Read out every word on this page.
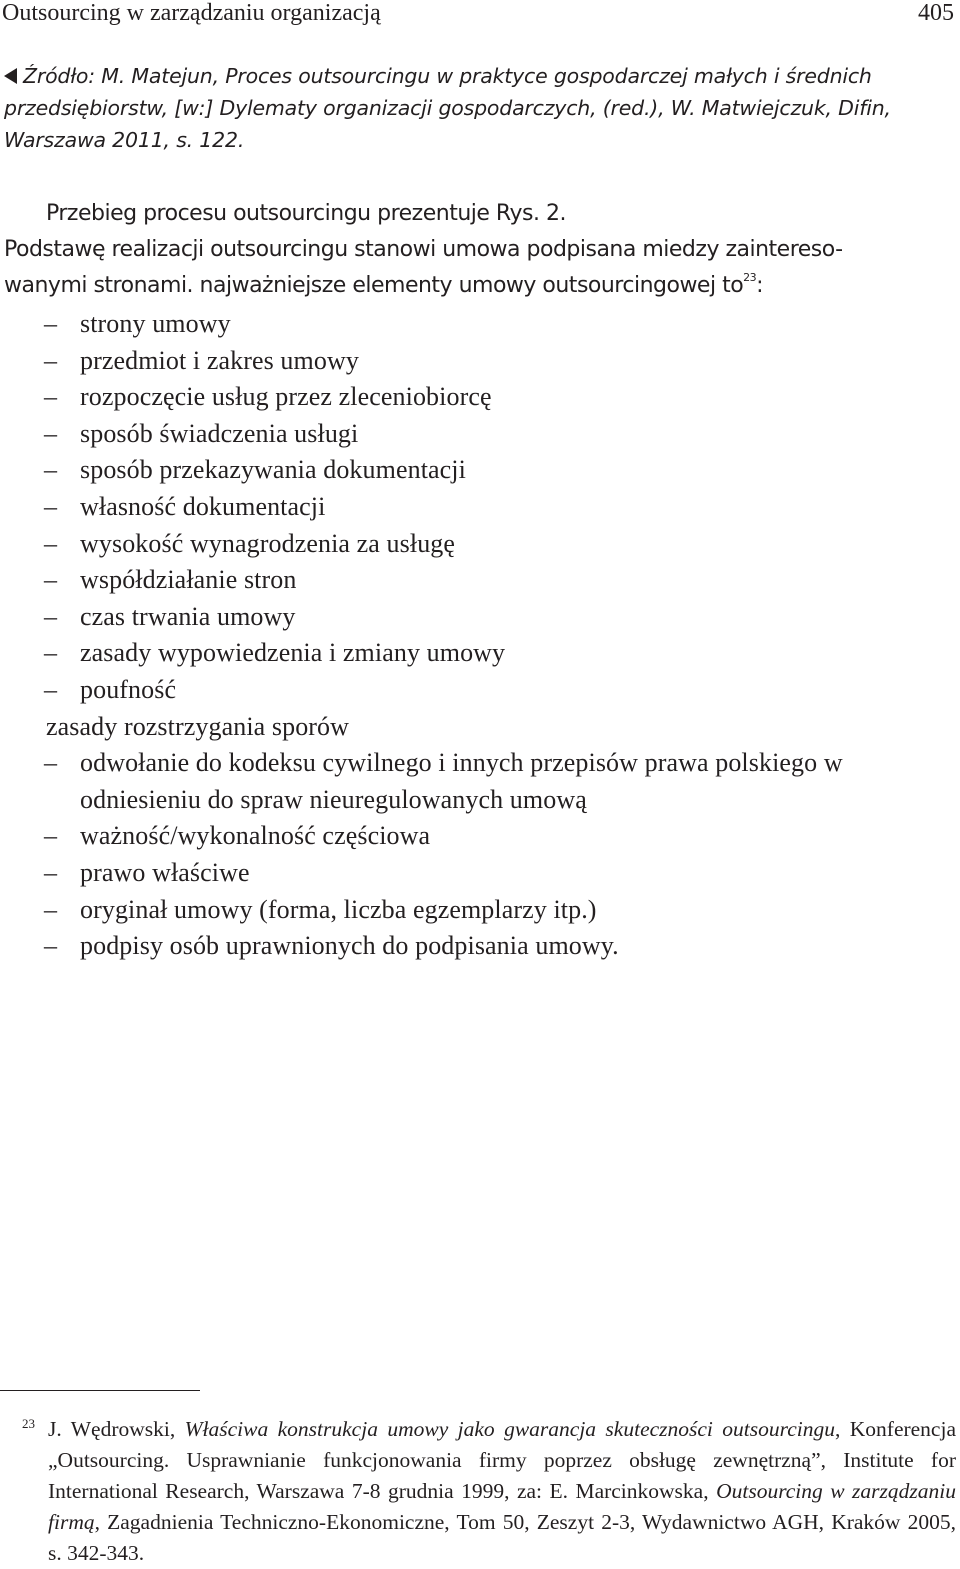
Outsourcing w zarządzaniu organizacją	405
Źródło: M. Matejun, Proces outsourcingu w praktyce gospodarczej małych i średnich przedsiębiorstw, [w:] Dylematy organizacji gospodarczych, (red.), W. Matwiejczuk, Difin, Warszawa 2011, s. 122.

Przebieg procesu outsourcingu prezentuje Rys. 2.

Podstawę realizacji outsourcingu stanowi umowa podpisana miedzy zaintereso-
wanymi stronami. najważniejsze elementy umowy outsourcingowej $to^{23}$:

– strony umowy
– przedmiot i zakres umowy
– rozpoczęcie usług przez zleceniobiorcę
– sposób świadczenia usługi
– sposób przekazywania dokumentacji
– własność dokumentacji
– wysokość wynagrodzenia za usługę
– współdziałanie stron
– czas trwania umowy
– zasady wypowiedzenia i zmiany umowy
– poufność
zasady rozstrzygania sporów
– odwołanie do kodeksu cywilnego i innych przepisów prawa polskiego w odniesieniu do spraw nieuregulowanych umową
– ważność/wykonalność częściowa
– prawo właściwe
– oryginał umowy (forma, liczba egzemplarzy itp.)
– podpisy osób uprawnionych do podpisania umowy.
23 J. Wędrowski, Właściwa konstrukcja umowy jako gwarancja skuteczności outsourcingu, Konferencja „Outsourcing. Usprawnianie funkcjonowania firmy poprzez obsługę zewnętrzną”, Institute for International Research, Warszawa 7-8 grudnia 1999, za: E. Marcinkowska, Outsourcing w zarządzaniu firmą, Zagadnienia Techniczno-Ekonomiczne, Tom 50, Zeszyt 2-3, Wydawnictwo AGH, Kraków 2005, s. 342-343.
